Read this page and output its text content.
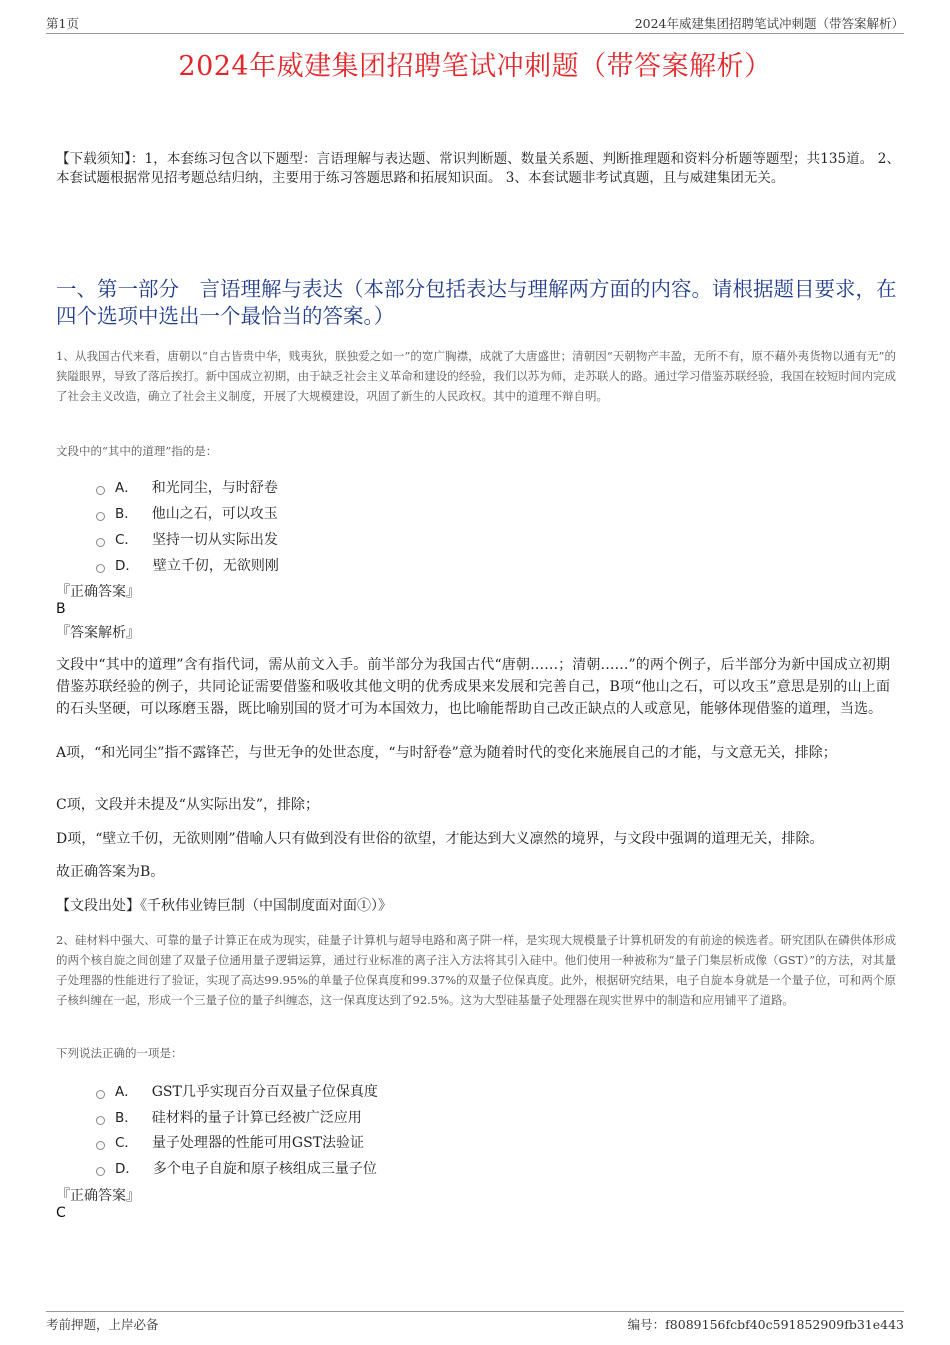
第1页	2024年威建集团招聘笔试冲刺题（带答案解析）
2024年威建集团招聘笔试冲刺题（带答案解析）
【下载须知】：1，本套练习包含以下题型：言语理解与表达题、常识判断题、数量关系题、判断推理题和资料分析题等题型；共135道。 2、本套试题根据常见招考题总结归纳，主要用于练习答题思路和拓展知识面。 3、本套试题非考试真题，且与威建集团无关。
一、第一部分　言语理解与表达（本部分包括表达与理解两方面的内容。请根据题目要求，在四个选项中选出一个最恰当的答案。）
1、从我国古代来看，唐朝以“自古皆贵中华，贱夷狄，朕独爱之如一”的宽广胸襟，成就了大唐盛世；清朝因“天朝物产丰盈，无所不有，原不藉外夷货物以通有无”的狭隘眼界，导致了落后挨打。新中国成立初期，由于缺乏社会主义革命和建设的经验，我们以苏为师，走苏联人的路。通过学习借鉴苏联经验，我国在较短时间内完成了社会主义改造，确立了社会主义制度，开展了大规模建设，巩固了新生的人民政权。其中的道理不辩自明。
文段中的“其中的道理”指的是：
A． 和光同尘，与时舒卷
B． 他山之石，可以攻玉
C． 坚持一切从实际出发
D． 壁立千仞，无欲则刚
『正确答案』
B
『答案解析』
文段中“其中的道理”含有指代词，需从前文入手。前半部分为我国古代“唐朝……；清朝……”的两个例子，后半部分为新中国成立初期借鉴苏联经验的例子，共同论证需要借鉴和吸收其他文明的优秀成果来发展和完善自己，B项“他山之石，可以攻玉”意思是别的山上面的石头坚硬，可以琢磨玉器，既比喻别国的贤才可为本国效力，也比喻能帮助自己改正缺点的人或意见，能够体现借鉴的道理，当选。
A项，“和光同尘”指不露锋芒，与世无争的处世态度，“与时舒卷”意为随着时代的变化来施展自己的才能，与文意无关，排除；
C项，文段并未提及“从实际出发”，排除；
D项，“壁立千仞，无欲则刚”借喻人只有做到没有世俗的欲望，才能达到大义凛然的境界，与文段中强调的道理无关，排除。
故正确答案为B。
【文段出处】《千秋伟业铸巨制（中国制度面对面①）》
2、硅材料中强大、可靠的量子计算正在成为现实，硅量子计算机与超导电路和离子阱一样，是实现大规模量子计算机研发的有前途的候选者。研究团队在磷供体形成的两个核自旋之间创建了双量子位通用量子逻辑运算，通过行业标准的离子注入方法将其引入硅中。他们使用一种被称为“量子门集层析成像（GST）”的方法，对其量子处理器的性能进行了验证，实现了高达99.95%的单量子位保真度和99.37%的双量子位保真度。此外，根据研究结果，电子自旋本身就是一个量子位，可和两个原子核纠缠在一起，形成一个三量子位的量子纠缠态，这一保真度达到了92.5%。这为大型硅基量子处理器在现实世界中的制造和应用铺平了道路。
下列说法正确的一项是：
A． GST几乎实现百分百双量子位保真度
B． 硅材料的量子计算已经被广泛应用
C． 量子处理器的性能可用GST法验证
D． 多个电子自旋和原子核组成三量子位
『正确答案』
C
考前押题，上岸必备	编号：f8089156fcbf40c591852909fb31e443
